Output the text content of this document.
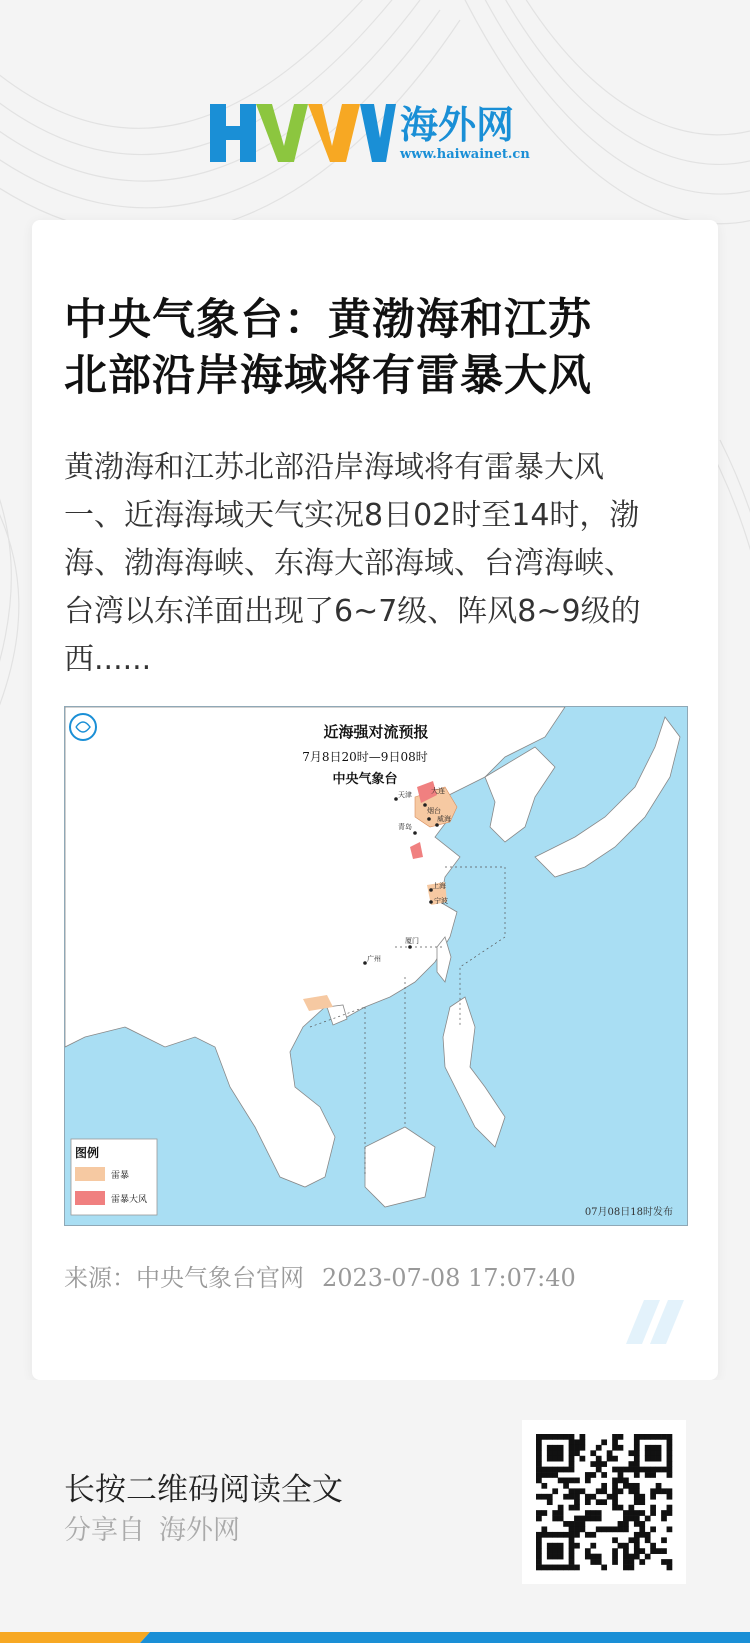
海外网
www.haiwainet.cn
中央气象台：黄渤海和江苏
北部沿岸海域将有雷暴大风

黄渤海和江苏北部沿岸海域将有雷暴大风
一、近海海域天气实况8日02时至14时，渤
海、渤海海峡、东海大部海域、台湾海峡、
台湾以东洋面出现了6~7级、阵风8~9级的
西......

天津	大连
烟台
青岛
威海
上海
宁波
厦门
广州
近海强对流预报
7月8日20时—9日08时
中央气象台
图例
雷暴
雷暴大风
07月08日18时发布
来源：中央气象台官网 2023-07-08 17:07:40
长按二维码阅读全文
分享自 海外网
